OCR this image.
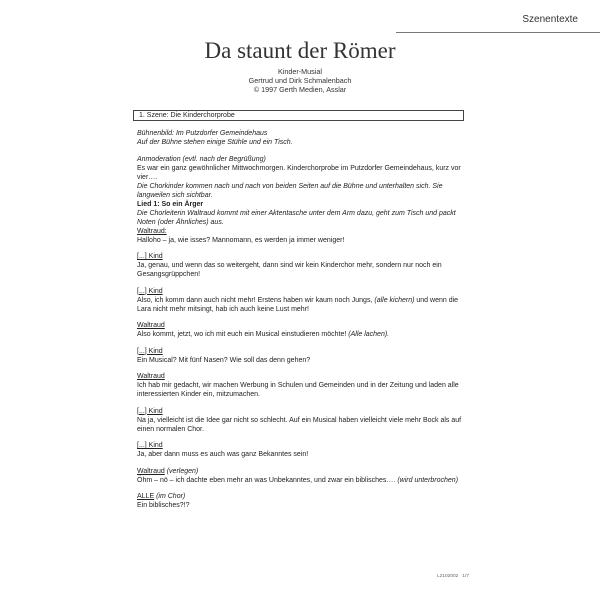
Szenentexte
Da staunt der Römer
Kinder-Musial
Gertrud und Dirk Schmalenbach
© 1997 Gerth Medien, Asslar
1. Szene: Die Kinderchorprobe

Bühnenbild: Im Putzdorfer Gemeindehaus

Auf der Bühne stehen einige Stühle und ein Tisch.

Anmoderation (evtl. nach der Begrüßung)

Es war ein ganz gewöhnlicher Mittwochmorgen. Kinderchorprobe im Putzdorfer Gemeindehaus, kurz vor vier….

Die Chorkinder kommen nach und nach von beiden Seiten auf die Bühne und unterhalten sich. Sie langweilen sich sichtbar.

Lied 1: So ein Ärger

Die Chorleiterin Waltraud kommt mit einer Aktentasche unter dem Arm dazu, geht zum Tisch und packt Noten (oder Ähnliches) aus.

Waltraud:

Halloho – ja, wie isses? Mannomann, es werden ja immer weniger!

[...] Kind

Ja, genau, und wenn das so weitergeht, dann sind wir kein Kinderchor mehr, sondern nur noch ein Gesangsgrüppchen!

[...] Kind

Also, ich komm dann auch nicht mehr! Erstens haben wir kaum noch Jungs, (alle kichern) und wenn die Lara nicht mehr mitsingt, hab ich auch keine Lust mehr!

Waltraud

Also kommt, jetzt, wo ich mit euch ein Musical einstudieren möchte! (Alle lachen).

[...] Kind

Ein Musical? Mit fünf Nasen? Wie soll das denn gehen?

Waltraud

Ich hab mir gedacht, wir machen Werbung in Schulen und Gemeinden und in der Zeitung und laden alle interessierten Kinder ein, mitzumachen.

[...] Kind

Na ja, vielleicht ist die Idee gar nicht so schlecht. Auf ein Musical haben vielleicht viele mehr Bock als auf einen normalen Chor.

[...] Kind

Ja, aber dann muss es auch was ganz Bekanntes sein!

Waltraud (verlegen)

Öhm – nö – ich dachte eben mehr an was Unbekanntes, und zwar ein biblisches…. (wird unterbrochen)

ALLE (im Chor)

Ein biblisches?!?

L2102002 1/7
